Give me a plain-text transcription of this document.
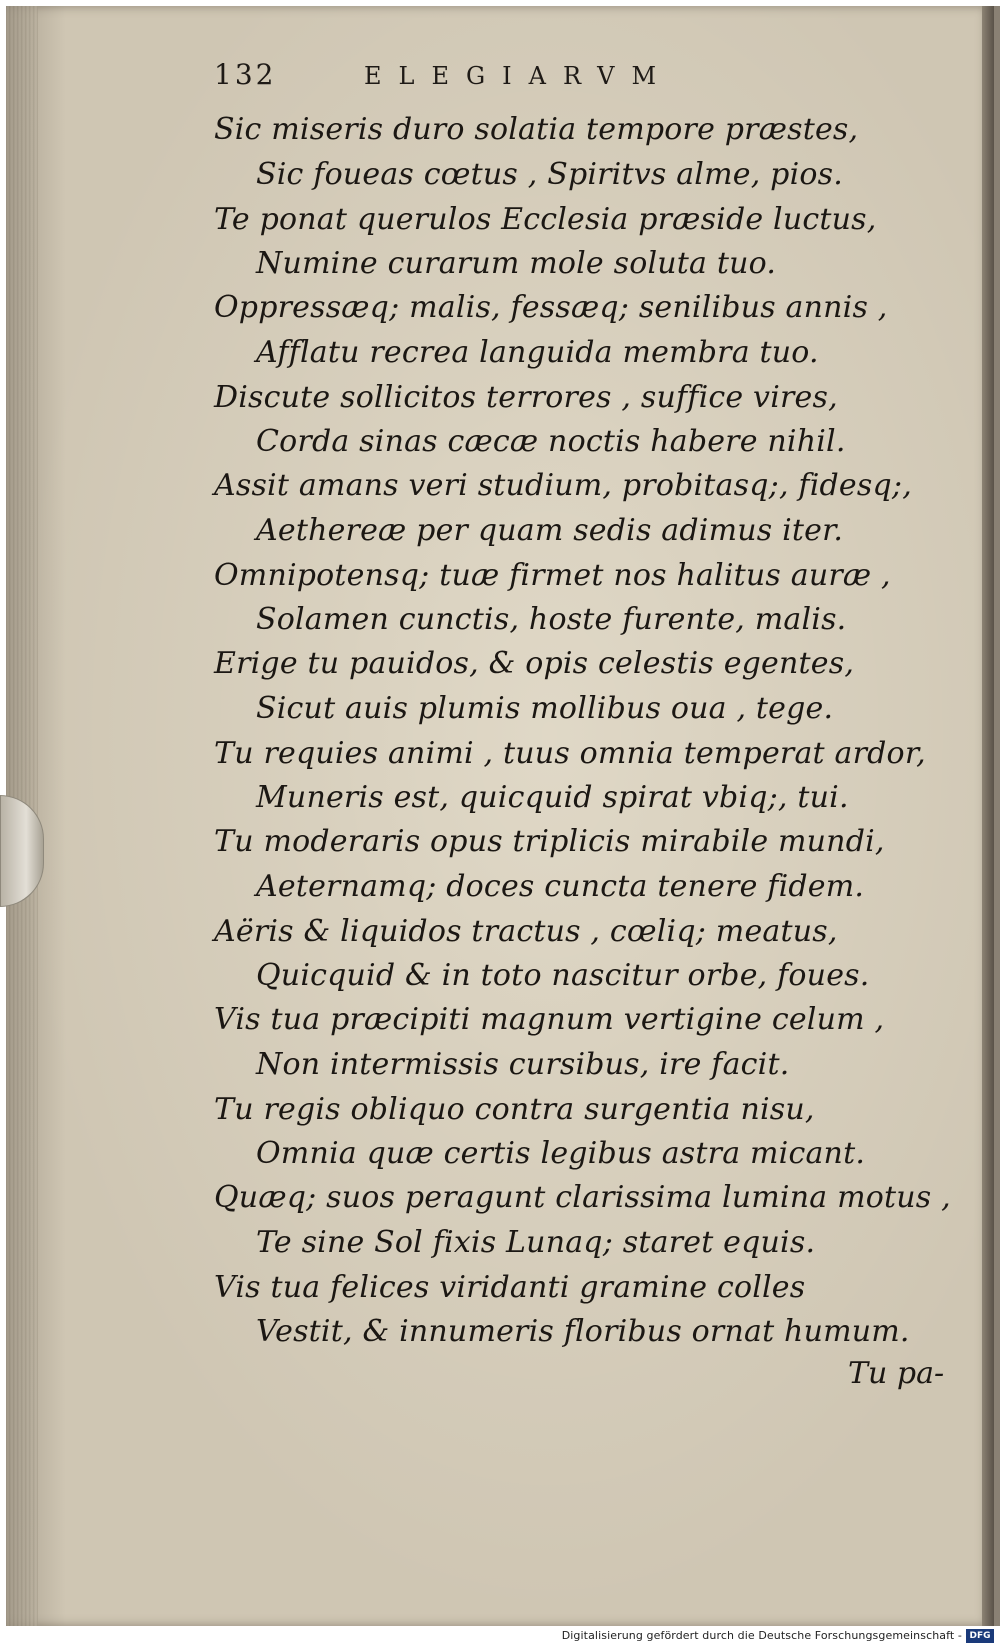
132	ELEGIARVM
Sic miseris duro solatia tempore præstes,
Sic foueas cœtus , Spiritvs alme, pios.
Te ponat querulos Ecclesia præside luctus,
Numine curarum mole soluta tuo.
Oppressæq; malis, fessæq; senilibus annis ,
Afflatu recrea languida membra tuo.
Discute sollicitos terrores , suffice vires,
Corda sinas cæcæ noctis habere nihil.
Assit amans veri studium, probitasq;, fidesq;,
Aethereæ per quam sedis adimus iter.
Omnipotensq; tuæ firmet nos halitus auræ ,
Solamen cunctis, hoste furente, malis.
Erige tu pauidos, & opis celestis egentes,
Sicut auis plumis mollibus oua , tege.
Tu requies animi , tuus omnia temperat ardor,
Muneris est, quicquid spirat vbiq;, tui.
Tu moderaris opus triplicis mirabile mundi,
Aeternamq; doces cuncta tenere fidem.
Aëris & liquidos tractus , cœliq; meatus,
Quicquid & in toto nascitur orbe, foues.
Vis tua præcipiti magnum vertigine celum ,
Non intermissis cursibus, ire facit.
Tu regis obliquo contra surgentia nisu,
Omnia quæ certis legibus astra micant.
Quæq; suos peragunt clarissima lumina motus ,
Te sine Sol fixis Lunaq; staret equis.
Vis tua felices viridanti gramine colles
Vestit, & innumeris floribus ornat humum.
Tu pa-
Digitalisierung gefördert durch die Deutsche Forschungsgemeinschaft - DFG
